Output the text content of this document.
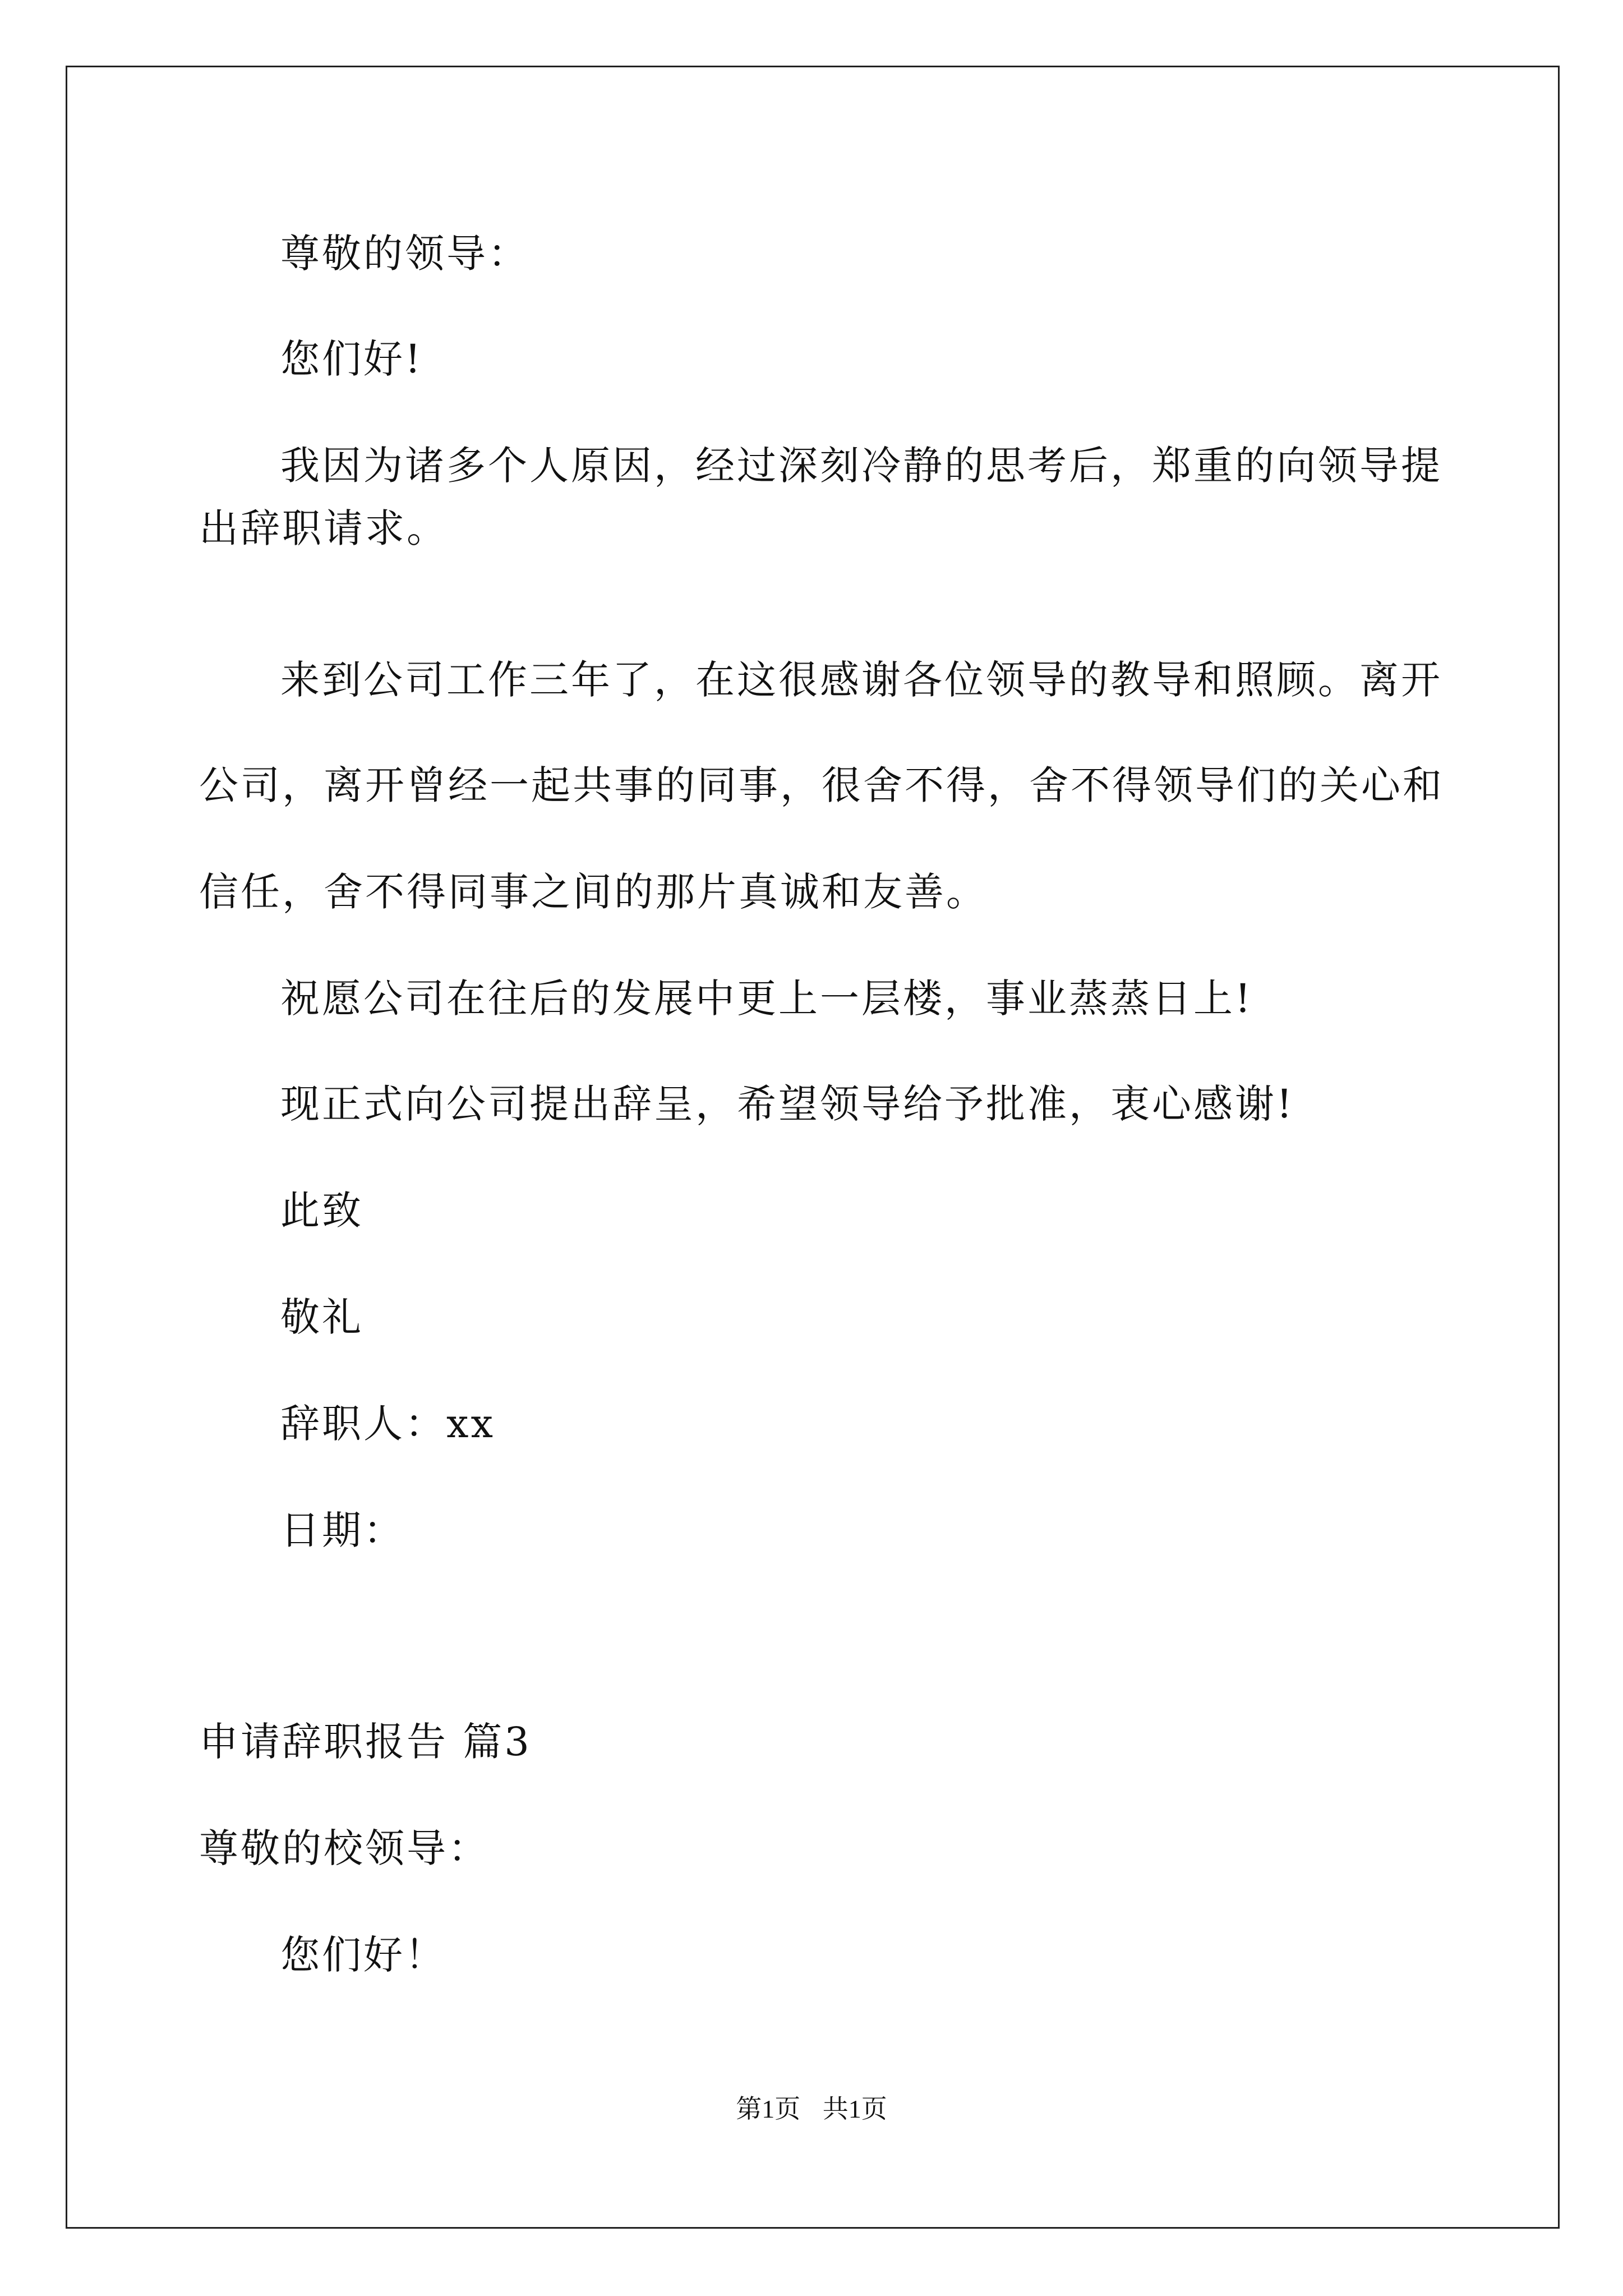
尊敬的领导：
您们好!
我因为诸多个人原因，经过深刻冷静的思考后，郑重的向领导提
出辞职请求。
来到公司工作三年了，在这很感谢各位领导的教导和照顾。离开
公司，离开曾经一起共事的同事，很舍不得，舍不得领导们的关心和
信任，舍不得同事之间的那片真诚和友善。
祝愿公司在往后的发展中更上一层楼，事业蒸蒸日上!
现正式向公司提出辞呈，希望领导给予批准，衷心感谢!
此致
敬礼
辞职人：xx
日期：
申请辞职报告 篇3
尊敬的校领导：
您们好！
第1页 共1页
